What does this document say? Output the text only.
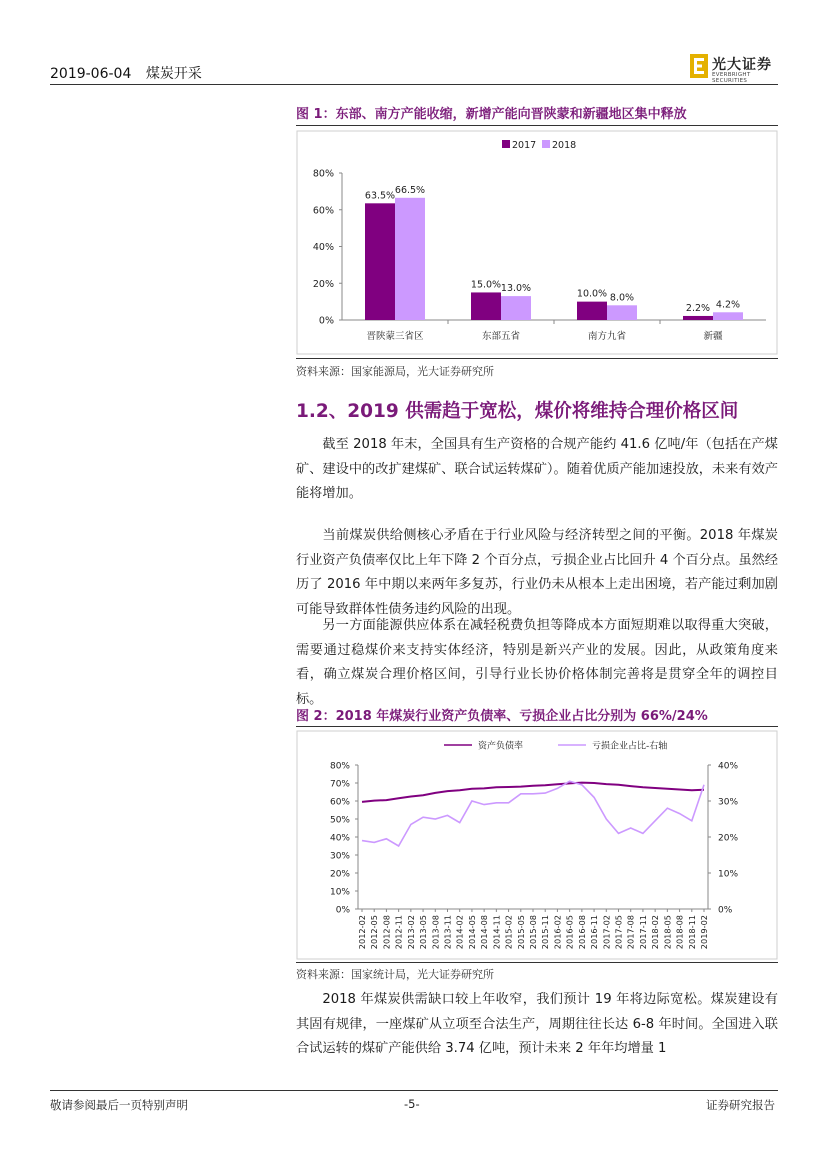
2019-06-04 煤炭开采
光大证券
EVERBRIGHT SECURITIES
图 1：东部、南方产能收缩，新增产能向晋陕蒙和新疆地区集中释放
2017 2018
0%
20%
40%
60%
80%
63.5%
66.5%
晋陕蒙三省区
15.0% 13.0%
东部五省
10.0% 8.0%
南方九省
2.2% 4.2%
新疆
资料来源：国家能源局，光大证券研究所
1.2、2019 供需趋于宽松，煤价将维持合理价格区间

截至 2018 年末，全国具有生产资格的合规产能约 41.6 亿吨/年（包括在产煤矿、建设中的改扩建煤矿、联合试运转煤矿）。随着优质产能加速投放，未来有效产能将增加。

当前煤炭供给侧核心矛盾在于行业风险与经济转型之间的平衡。2018 年煤炭行业资产负债率仅比上年下降 2 个百分点，亏损企业占比回升 4 个百分点。虽然经历了 2016 年中期以来两年多复苏，行业仍未从根本上走出困境，若产能过剩加剧可能导致群体性债务违约风险的出现。

另一方面能源供应体系在减轻税费负担等降成本方面短期难以取得重大突破，需要通过稳煤价来支持实体经济，特别是新兴产业的发展。因此，从政策角度来看，确立煤炭合理价格区间，引导行业长协价格体制完善将是贯穿全年的调控目标。

图 2：2018 年煤炭行业资产负债率、亏损企业占比分别为 66%/24%
资产负债率	亏损企业占比-右轴
0%
10%
20%
30%
40%
50%
60%
70%
80%
0%
10%
20%
30%
40%
2012-02 2012-05 2012-08 2012-11 2013-02 2013-05 2013-08 2013-11 2014-02 2014-05 2014-08 2014-11 2015-02 2015-05 2015-08 2015-11 2016-02 2016-05 2016-08 2016-11 2017-02 2017-05 2017-08 2017-11 2018-02 2018-05 2018-08 2018-11 2019-02
资料来源：国家统计局，光大证券研究所

2018 年煤炭供需缺口较上年收窄，我们预计 19 年将边际宽松。煤炭建设有其固有规律，一座煤矿从立项至合法生产，周期往往长达 6-8 年时间。全国进入联合试运转的煤矿产能供给 3.74 亿吨，预计未来 2 年年均增量 1

敬请参阅最后一页特别声明	-5-	证券研究报告
